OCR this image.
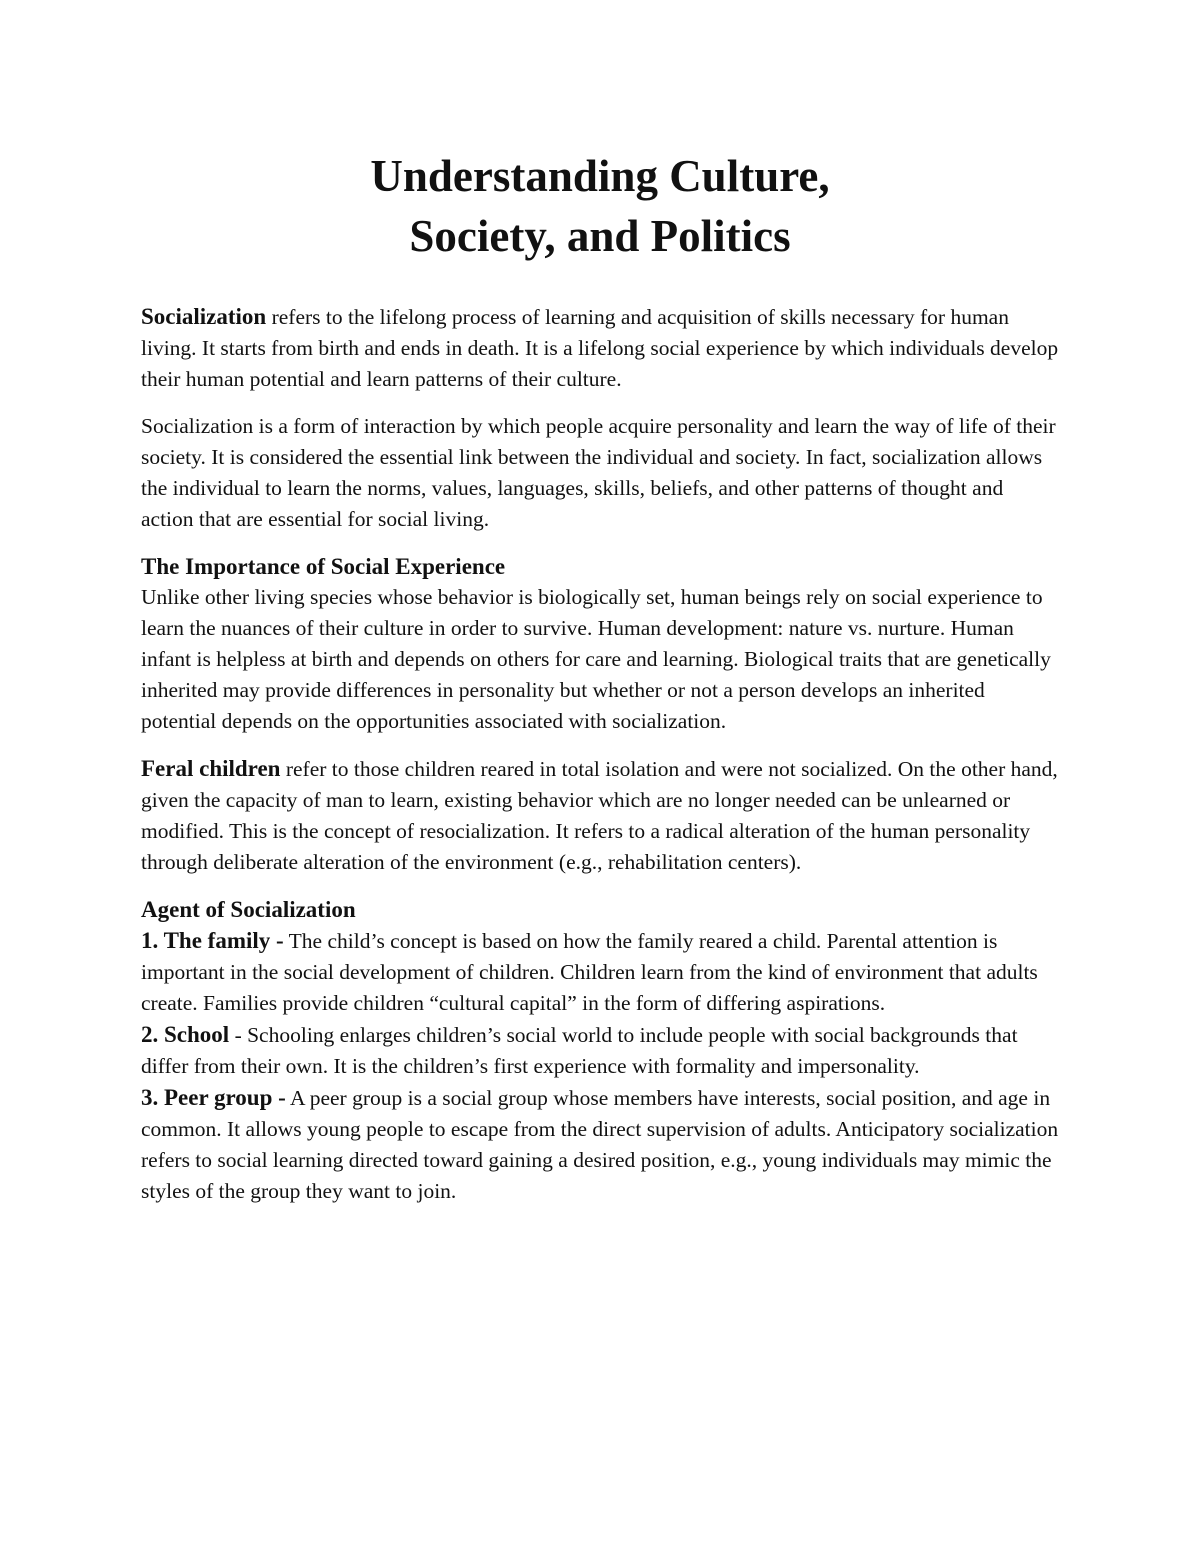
Understanding Culture,
Society, and Politics

Socialization refers to the lifelong process of learning and acquisition of skills necessary for human living. It starts from birth and ends in death. It is a lifelong social experience by which individuals develop their human potential and learn patterns of their culture.

Socialization is a form of interaction by which people acquire personality and learn the way of life of their society. It is considered the essential link between the individual and society. In fact, socialization allows the individual to learn the norms, values, languages, skills, beliefs, and other patterns of thought and action that are essential for social living.

The Importance of Social Experience

Unlike other living species whose behavior is biologically set, human beings rely on social experience to learn the nuances of their culture in order to survive. Human development: nature vs. nurture. Human infant is helpless at birth and depends on others for care and learning. Biological traits that are genetically inherited may provide differences in personality but whether or not a person develops an inherited potential depends on the opportunities associated with socialization.

Feral children refer to those children reared in total isolation and were not socialized. On the other hand, given the capacity of man to learn, existing behavior which are no longer needed can be unlearned or modified. This is the concept of resocialization. It refers to a radical alteration of the human personality through deliberate alteration of the environment (e.g., rehabilitation centers).

Agent of Socialization

1. The family - The child’s concept is based on how the family reared a child. Parental attention is important in the social development of children. Children learn from the kind of environment that adults create. Families provide children “cultural capital” in the form of differing aspirations.

2. School - Schooling enlarges children’s social world to include people with social backgrounds that differ from their own. It is the children’s first experience with formality and impersonality.

3. Peer group - A peer group is a social group whose members have interests, social position, and age in common. It allows young people to escape from the direct supervision of adults. Anticipatory socialization refers to social learning directed toward gaining a desired position, e.g., young individuals may mimic the styles of the group they want to join.
